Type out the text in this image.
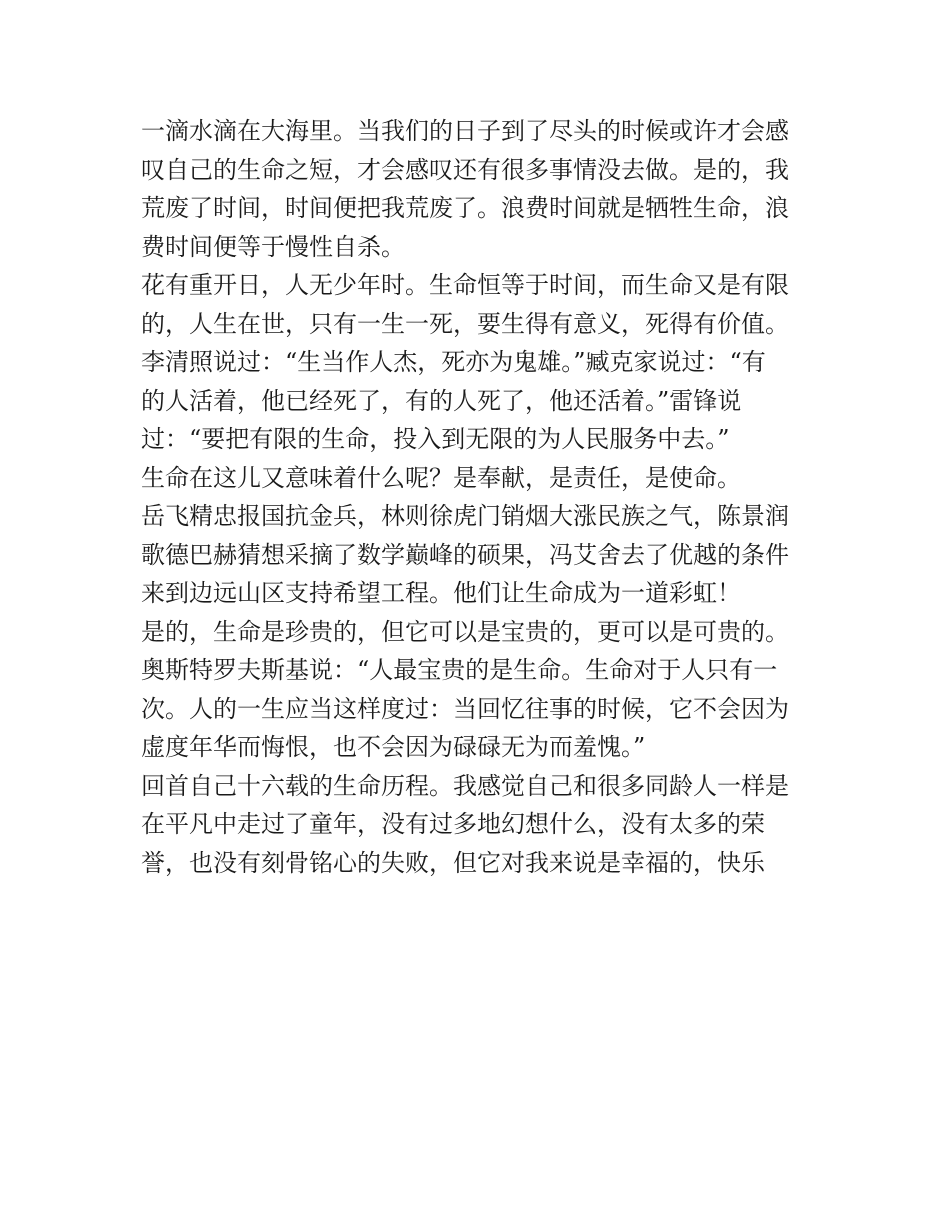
一滴水滴在大海里。当我们的日子到了尽头的时候或许才会感
叹自己的生命之短，才会感叹还有很多事情没去做。是的，我
荒废了时间，时间便把我荒废了。浪费时间就是牺牲生命，浪
费时间便等于慢性自杀。
花有重开日，人无少年时。生命恒等于时间，而生命又是有限
的，人生在世，只有一生一死，要生得有意义，死得有价值。
李清照说过：“生当作人杰，死亦为鬼雄。”臧克家说过：“有
的人活着，他已经死了，有的人死了，他还活着。”雷锋说
过：“要把有限的生命，投入到无限的为人民服务中去。”
生命在这儿又意味着什么呢？是奉献，是责任，是使命。
岳飞精忠报国抗金兵，林则徐虎门销烟大涨民族之气，陈景润
歌德巴赫猜想采摘了数学巅峰的硕果，冯艾舍去了优越的条件
来到边远山区支持希望工程。他们让生命成为一道彩虹！
是的，生命是珍贵的，但它可以是宝贵的，更可以是可贵的。
奥斯特罗夫斯基说：“人最宝贵的是生命。生命对于人只有一
次。人的一生应当这样度过：当回忆往事的时候，它不会因为
虚度年华而悔恨，也不会因为碌碌无为而羞愧。”
回首自己十六载的生命历程。我感觉自己和很多同龄人一样是
在平凡中走过了童年，没有过多地幻想什么，没有太多的荣
誉，也没有刻骨铭心的失败，但它对我来说是幸福的，快乐
